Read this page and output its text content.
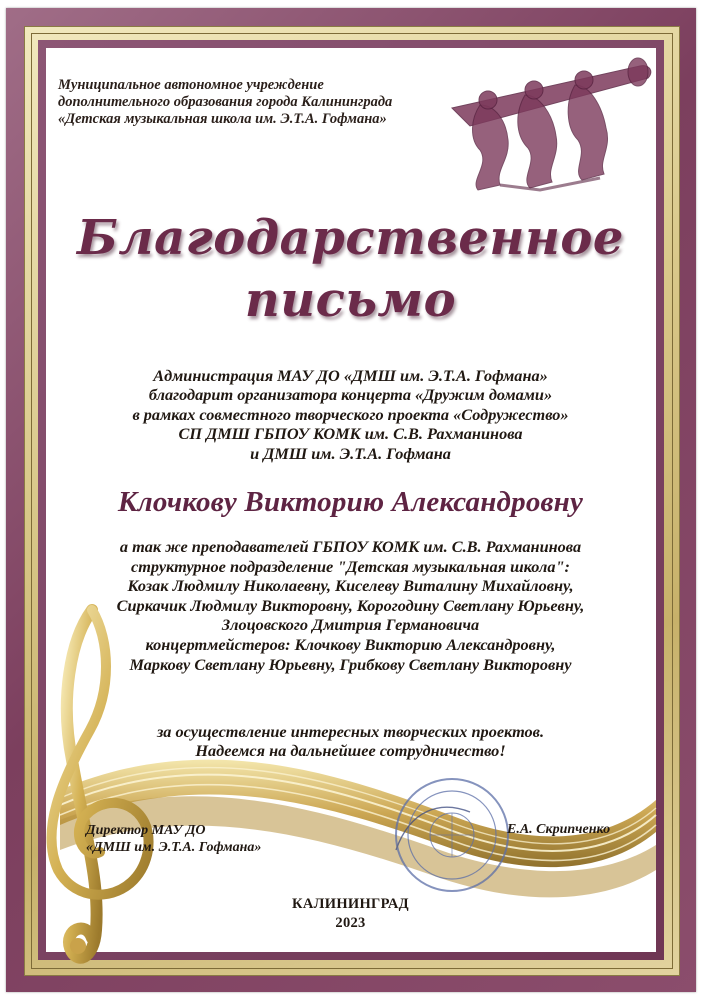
Муниципальное автономное учреждение
дополнительного образования города Калининграда
«Детская музыкальная школа им. Э.Т.А. Гофмана»
Благодарственное
письмо
Администрация МАУ ДО «ДМШ им. Э.Т.А. Гофмана»
благодарит организатора концерта «Дружим домами»
в рамках совместного творческого проекта «Содружество»
СП ДМШ ГБПОУ КОМК им. С.В. Рахманинова
и ДМШ им. Э.Т.А. Гофмана
Клочкову Викторию Александровну
а так же преподавателей ГБПОУ КОМК им. С.В. Рахманинова
структурное подразделение "Детская музыкальная школа":
Козак Людмилу Николаевну, Киселеву Виталину Михайловну,
Сиркачик Людмилу Викторовну, Корогодину Светлану Юрьевну,
Злоцовского Дмитрия Германовича
концертмейстеров: Клочкову Викторию Александровну,
Маркову Светлану Юрьевну, Грибкову Светлану Викторовну
за осуществление интересных творческих проектов.
Надеемся на дальнейшее сотрудничество!
Директор МАУ ДО
«ДМШ им. Э.Т.А. Гофмана»
Е.А. Скрипченко
КАЛИНИНГРАД
2023
